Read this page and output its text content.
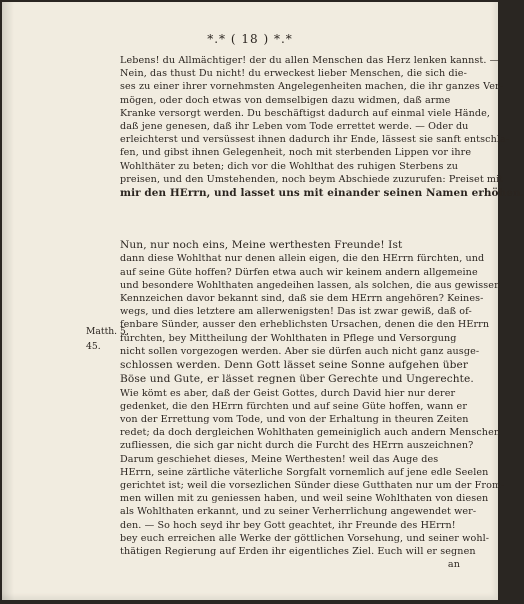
*.* ( 18 ) *.*
Lebens! du Allmächtiger! der du allen Menschen das Herz lenken kannst. —
Nein, das thust Du nicht! du erweckest lieber Menschen, die sich die-
ses zu einer ihrer vornehmsten Angelegenheiten machen, die ihr ganzes Ver-
mögen, oder doch etwas von demselbigen dazu widmen, daß arme
Kranke versorgt werden. Du beschäftigst dadurch auf einmal viele Hände,
daß jene genesen, daß ihr Leben vom Tode errettet werde. — Oder du
erleichterst und versüssest ihnen dadurch ihr Ende, lässest sie sanft entschla-
fen, und gibst ihnen Gelegenheit, noch mit sterbenden Lippen vor ihre
Wohlthäter zu beten; dich vor die Wohlthat des ruhigen Sterbens zu
preisen, und den Umstehenden, noch beym Abschiede zuzurufen: Preiset mit
mir den HErrn, und lasset uns mit einander seinen Namen erhöhen.
Nun, nur noch eins, Meine werthesten Freunde! Ist
dann diese Wohlthat nur denen allein eigen, die den HErrn fürchten, und
auf seine Güte hoffen? Dürfen etwa auch wir keinem andern allgemeine
und besondere Wohlthaten angedeihen lassen, als solchen, die aus gewissen
Kennzeichen davor bekannt sind, daß sie dem HErrn angehören? Keines-
wegs, und dies letztere am allerwenigsten! Das ist zwar gewiß, daß of-
fenbare Sünder, ausser den erheblichsten Ursachen, denen die den HErrn
fürchten, bey Mittheilung der Wohlthaten in Pflege und Versorgung
nicht sollen vorgezogen werden. Aber sie dürfen auch nicht ganz ausge-
schlossen werden. Denn Gott lässet seine Sonne aufgehen über
Böse und Gute, er lässet regnen über Gerechte und Ungerechte.
Wie kömt es aber, daß der Geist Gottes, durch David hier nur derer
gedenket, die den HErrn fürchten und auf seine Güte hoffen, wann er
von der Errettung vom Tode, und von der Erhaltung in theuren Zeiten
redet; da doch dergleichen Wohlthaten gemeiniglich auch andern Menschen
zufliessen, die sich gar nicht durch die Furcht des HErrn auszeichnen?
Darum geschiehet dieses, Meine Werthesten! weil das Auge des
HErrn, seine zärtliche väterliche Sorgfalt vornemlich auf jene edle Seelen
gerichtet ist; weil die vorsezlichen Sünder diese Gutthaten nur um der From-
men willen mit zu geniessen haben, und weil seine Wohlthaten von diesen
als Wohlthaten erkannt, und zu seiner Verherrlichung angewendet wer-
den. — So hoch seyd ihr bey Gott geachtet, ihr Freunde des HErrn!
bey euch erreichen alle Werke der göttlichen Vorsehung, und seiner wohl-
thätigen Regierung auf Erden ihr eigentliches Ziel. Euch will er segnen
an
Matth. 5,
45.
